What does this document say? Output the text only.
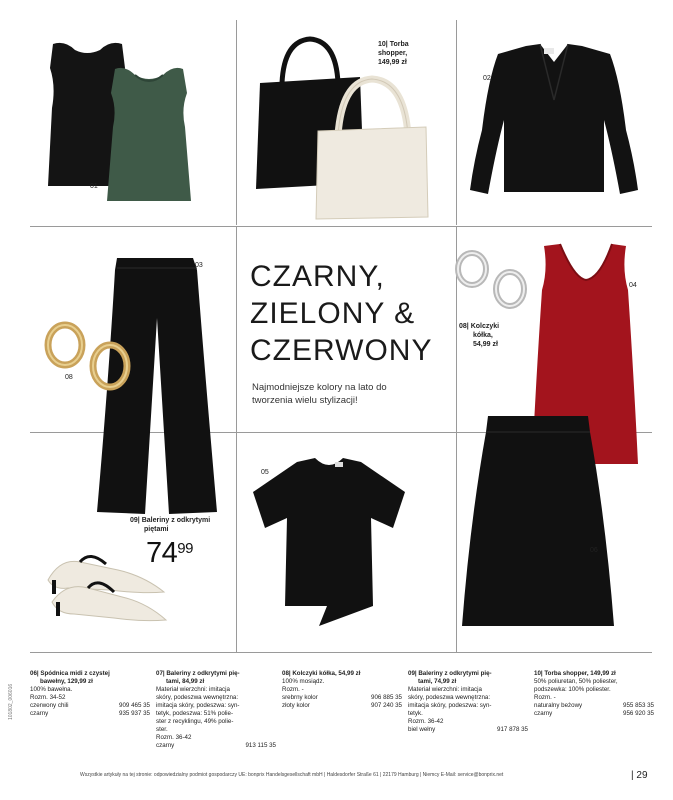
01
10| Torba
shopper,
149,99 zł
02
03
08
CZARNY,
ZIELONY &
CZERWONY
Najmodniejsze kolory na lato do
tworzenia wielu stylizacji!
08| Kolczyki
kółka,
54,99 zł
04
05
06
09| Baleriny z odkrytymi
piętami
$74^{99}$
06| Spódnica midi z czystej
bawełny, 129,99 zł
100% bawełna.
Rozm. 34-52
czerwony chili	909 465 35
czarny	935 937 35
07| Baleriny z odkrytymi pię-
tami, 84,99 zł
Materiał wierzchni: imitacja
skóry, podeszwa wewnętrzna:
imitacja skóry, podeszwa: syn-
tetyk, podeszwa: 51% polie-
ster z recyklingu, 49% polie-
ster.
Rozm. 36-42
czarny	913 115 35
08| Kolczyki kółka, 54,99 zł
100% mosiądz.
Rozm. -
srebrny kolor	906 885 35
złoty kolor	907 240 35
09| Baleriny z odkrytymi pię-
tami, 74,99 zł
Materiał wierzchni: imitacja
skóry, podeszwa wewnętrzna:
imitacja skóry, podeszwa: syn-
tetyk.
Rozm. 36-42
biel wełny	917 878 35
10| Torba shopper, 149,99 zł
50% poliuretan, 50% poliester,
podszewka: 100% poliester.
Rozm. -
naturalny beżowy	955 853 35
czarny	956 920 35
Wszystkie artykuły na tej stronie: odpowiedzialny podmiot gospodarczy UE: bonprix Handelsgesellschaft mbH | Haldesdorfer Straße 61 | 22179 Hamburg | Niemcy E-Mail: service@bonprix.net	| 29
101802_006016
